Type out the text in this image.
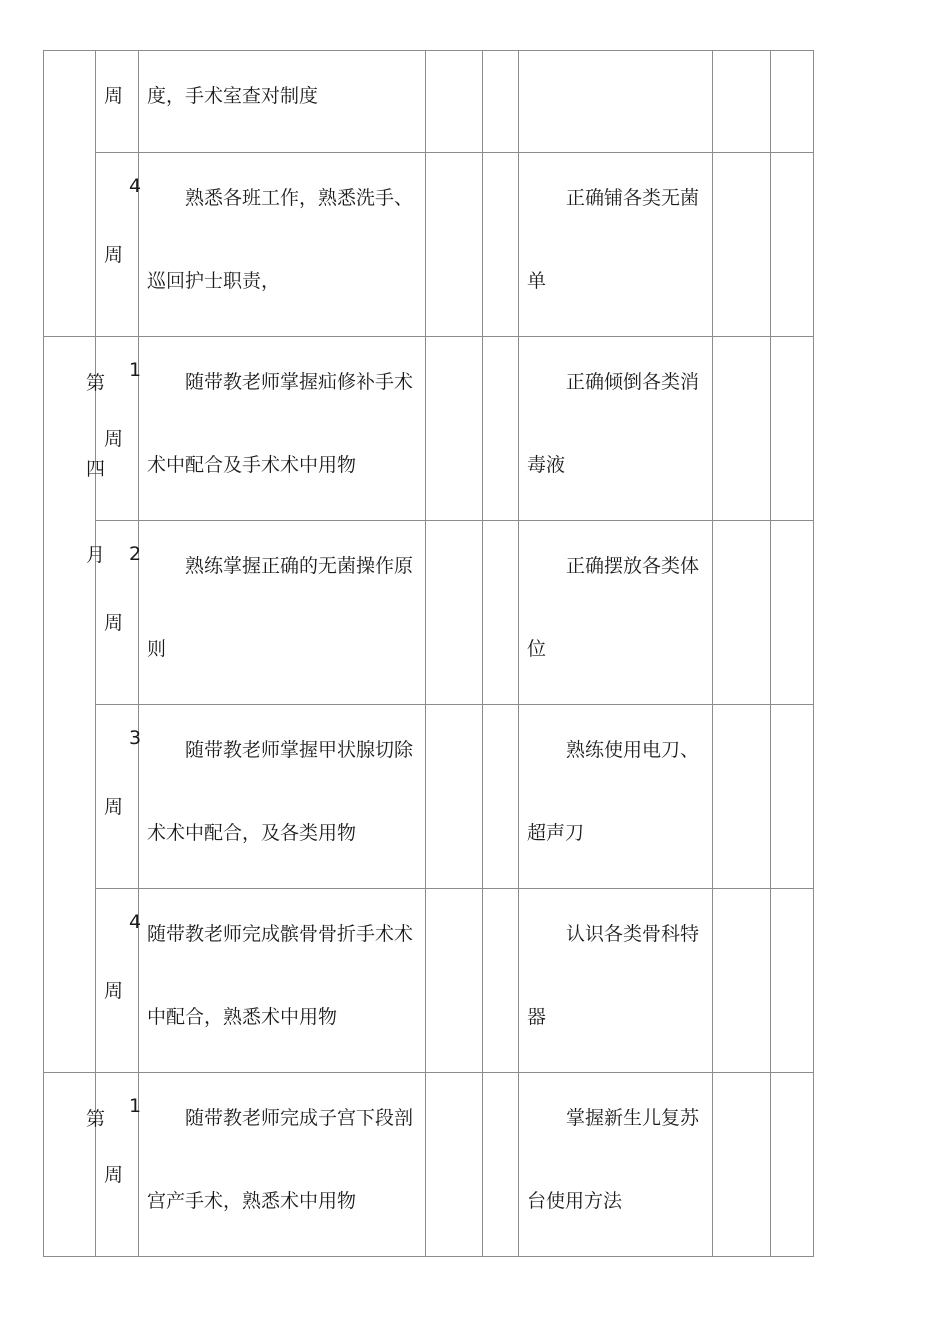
周 度，手术室查对制度
4
周
熟悉各班工作，熟悉洗手、
巡回护士职责，
正确铺各类无菌
单
第
四
1
周
随带教老师掌握疝修补手术
术中配合及手术术中用物
正确倾倒各类消
毒液
月 2
周
熟练掌握正确的无菌操作原
则
正确摆放各类体
位
3
周
随带教老师掌握甲状腺切除
术术中配合，及各类用物
熟练使用电刀、
超声刀
4
周
随带教老师完成髌骨骨折手术术
中配合，熟悉术中用物
认识各类骨科特
器
第
1
周
随带教老师完成子宫下段剖
宫产手术，熟悉术中用物
掌握新生儿复苏
台使用方法
